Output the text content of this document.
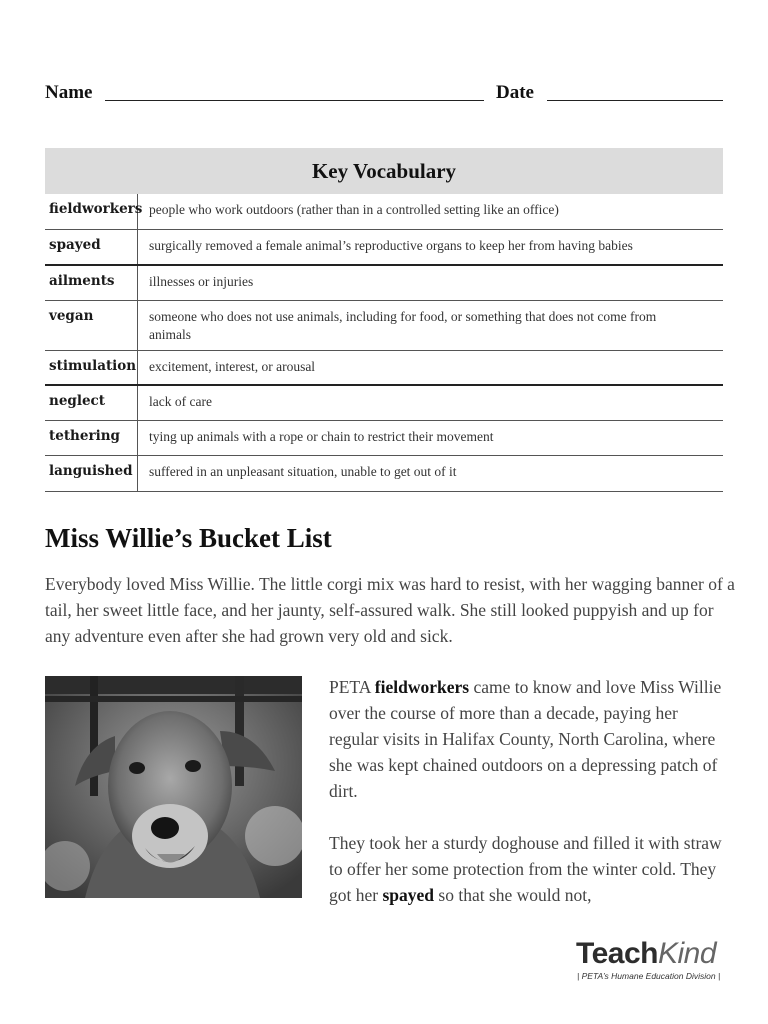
Name	Date
Key Vocabulary
fieldworkers people who work outdoors (rather than in a controlled setting like an office)
spayed	surgically removed a female animal’s reproductive organs to keep her from having babies
ailments	illnesses or injuries
vegan	someone who does not use animals, including for food, or something that does not come from animals
stimulation excitement, interest, or arousal
neglect	lack of care
tethering	tying up animals with a rope or chain to restrict their movement
languished	suffered in an unpleasant situation, unable to get out of it
Miss Willie’s Bucket List

Everybody loved Miss Willie. The little corgi mix was hard to resist, with her wagging banner of a tail, her sweet little face, and her jaunty, self-assured walk. She still looked puppyish and up for any adventure even after she had grown very old and sick.

PETA fieldworkers came to know and love Miss Willie over the course of more than a decade, paying her regular visits in Halifax County, North Carolina, where she was kept chained outdoors on a depressing patch of dirt.

They took her a sturdy doghouse and filled it with straw to offer her some protection from the winter cold. They got her spayed so that she would not,

TeachKind
| PETA’s Humane Education Division |
